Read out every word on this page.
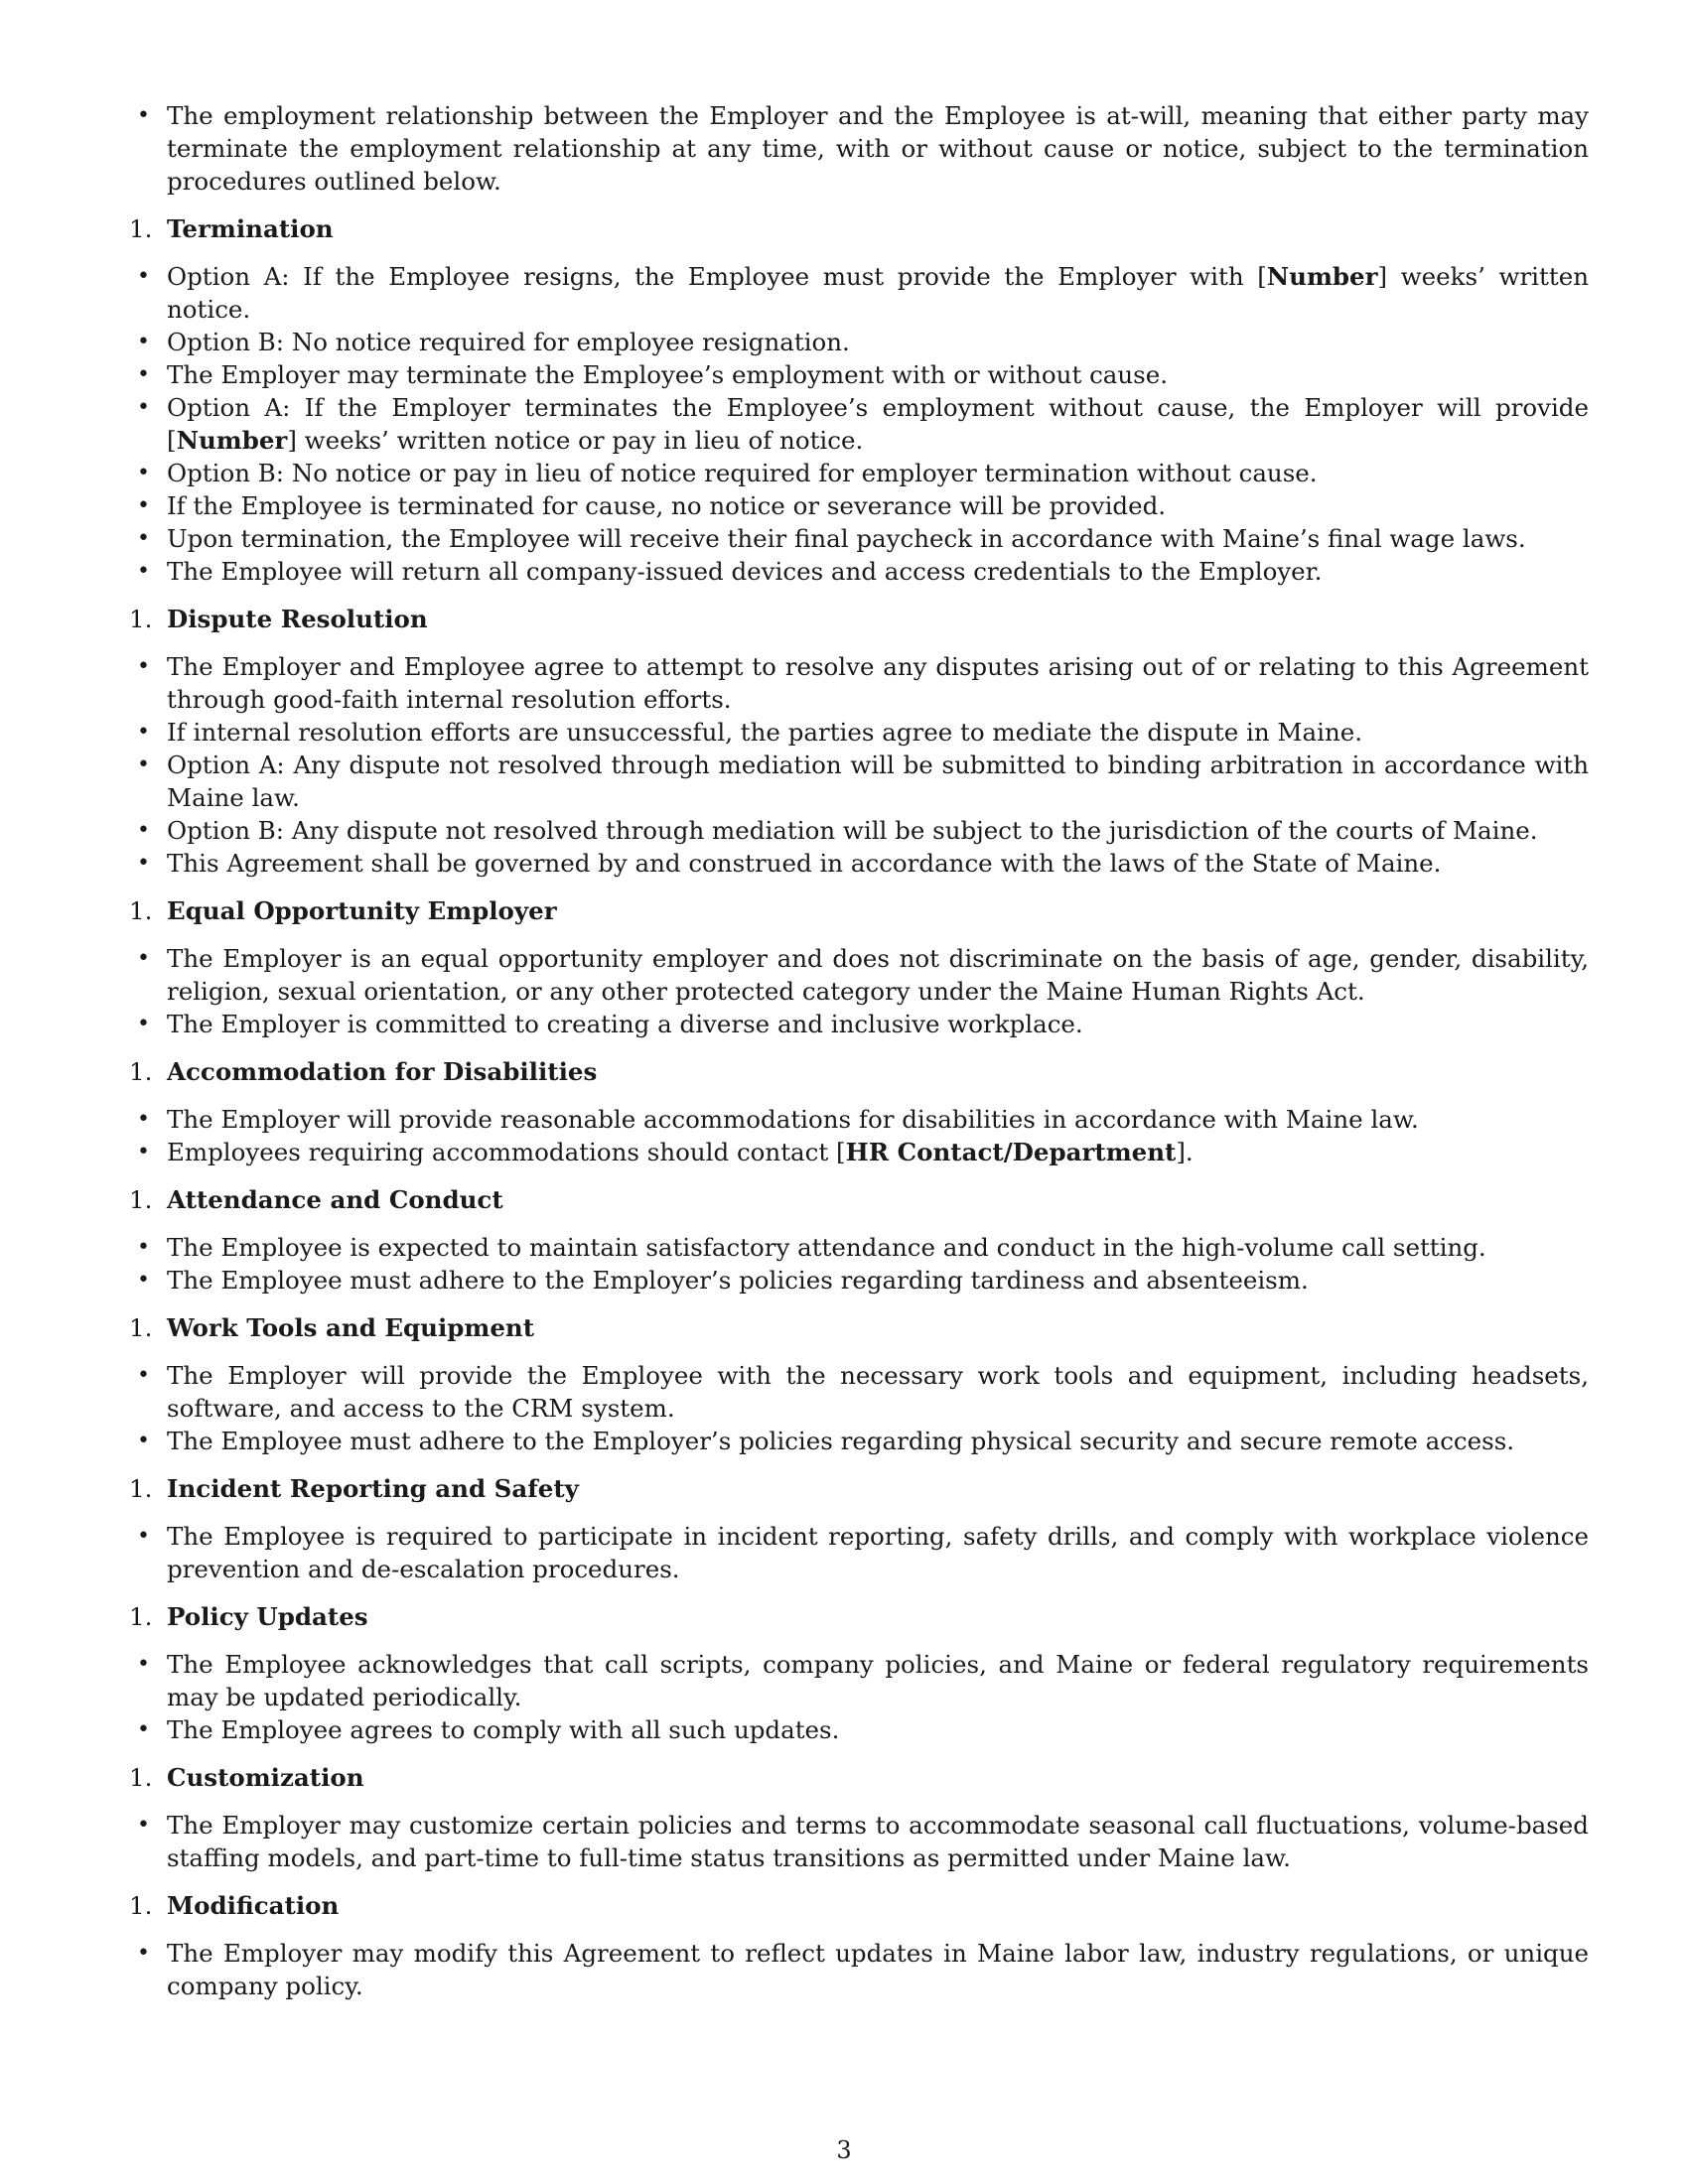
• The employment relationship between the Employer and the Employee is at-will, meaning that either party may terminate the employment relationship at any time, with or without cause or notice, subject to the termination procedures outlined below.
1. Termination
• Option A: If the Employee resigns, the Employee must provide the Employer with [Number] weeks’ written notice.
• Option B: No notice required for employee resignation.
• The Employer may terminate the Employee’s employment with or without cause.
• Option A: If the Employer terminates the Employee’s employment without cause, the Employer will provide [Number] weeks’ written notice or pay in lieu of notice.
• Option B: No notice or pay in lieu of notice required for employer termination without cause.
• If the Employee is terminated for cause, no notice or severance will be provided.
• Upon termination, the Employee will receive their final paycheck in accordance with Maine’s final wage laws.
• The Employee will return all company-issued devices and access credentials to the Employer.
1. Dispute Resolution
• The Employer and Employee agree to attempt to resolve any disputes arising out of or relating to this Agreement through good-faith internal resolution efforts.
• If internal resolution efforts are unsuccessful, the parties agree to mediate the dispute in Maine.
• Option A: Any dispute not resolved through mediation will be submitted to binding arbitration in accordance with Maine law.
• Option B: Any dispute not resolved through mediation will be subject to the jurisdiction of the courts of Maine.
• This Agreement shall be governed by and construed in accordance with the laws of the State of Maine.
1. Equal Opportunity Employer
• The Employer is an equal opportunity employer and does not discriminate on the basis of age, gender, disability, religion, sexual orientation, or any other protected category under the Maine Human Rights Act.
• The Employer is committed to creating a diverse and inclusive workplace.
1. Accommodation for Disabilities
• The Employer will provide reasonable accommodations for disabilities in accordance with Maine law.
• Employees requiring accommodations should contact [HR Contact/Department].
1. Attendance and Conduct
• The Employee is expected to maintain satisfactory attendance and conduct in the high-volume call setting.
• The Employee must adhere to the Employer’s policies regarding tardiness and absenteeism.
1. Work Tools and Equipment
• The Employer will provide the Employee with the necessary work tools and equipment, including headsets, software, and access to the CRM system.
• The Employee must adhere to the Employer’s policies regarding physical security and secure remote access.
1. Incident Reporting and Safety
• The Employee is required to participate in incident reporting, safety drills, and comply with workplace violence prevention and de-escalation procedures.
1. Policy Updates
• The Employee acknowledges that call scripts, company policies, and Maine or federal regulatory requirements may be updated periodically.
• The Employee agrees to comply with all such updates.
1. Customization
• The Employer may customize certain policies and terms to accommodate seasonal call fluctuations, volume-based staffing models, and part-time to full-time status transitions as permitted under Maine law.
1. Modification
• The Employer may modify this Agreement to reflect updates in Maine labor law, industry regulations, or unique company policy.
3
